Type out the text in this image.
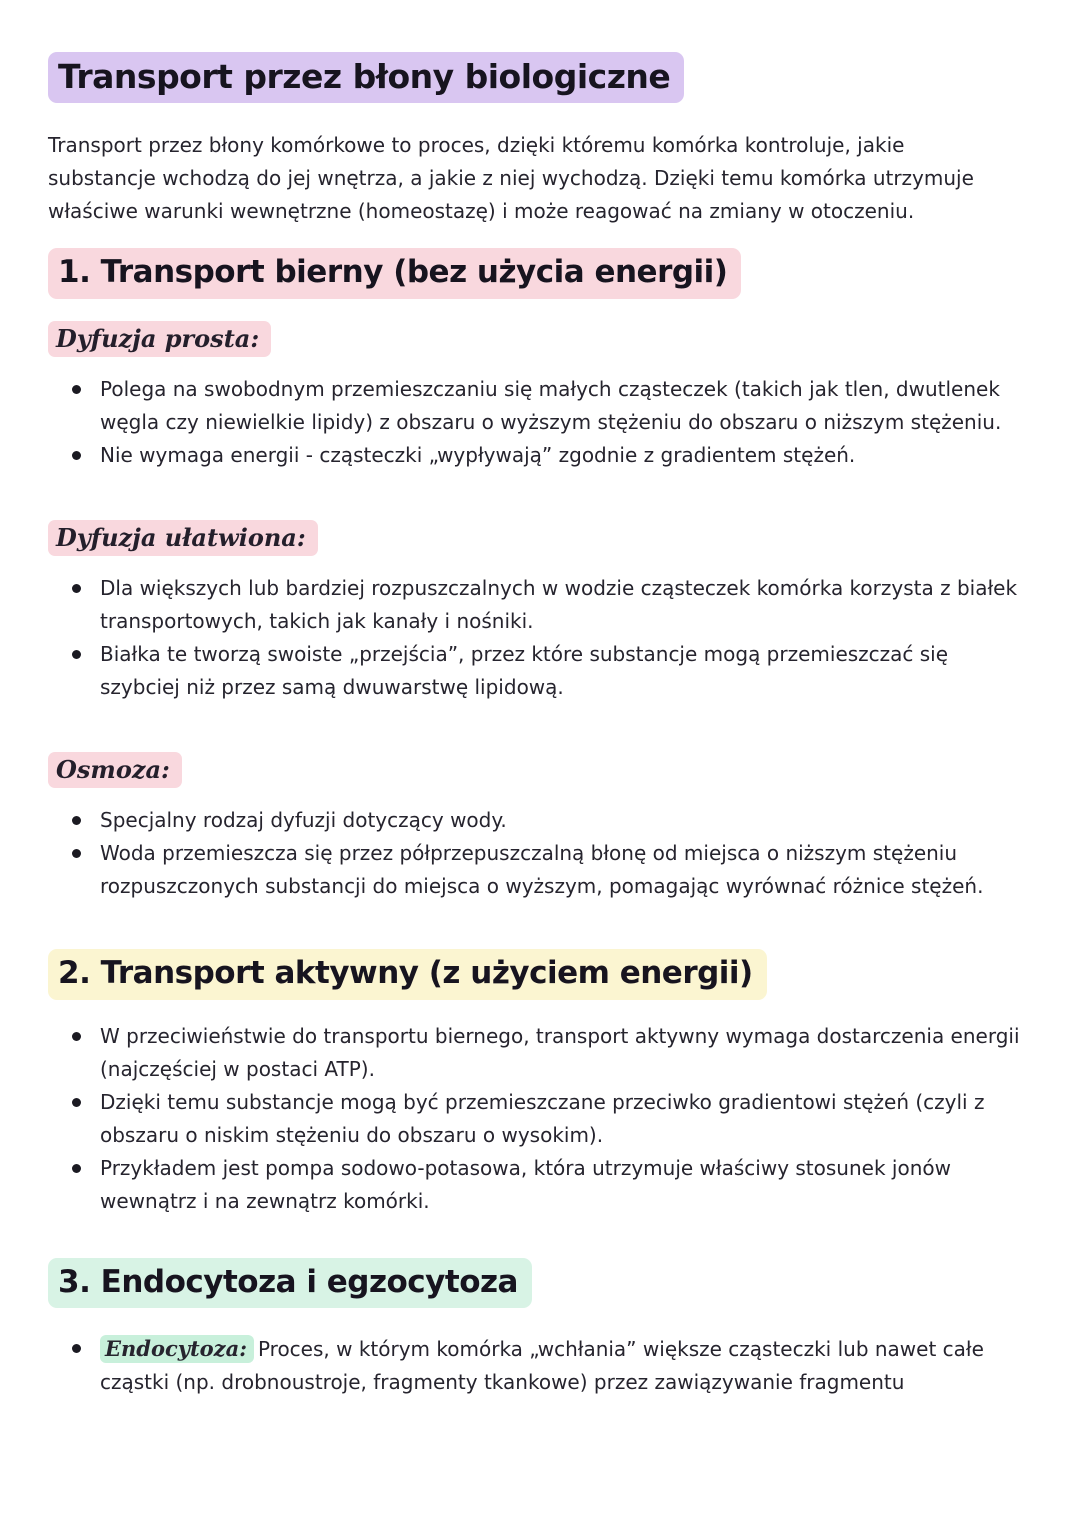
Transport przez błony biologiczne

Transport przez błony komórkowe to proces, dzięki któremu komórka kontroluje, jakie substancje wchodzą do jej wnętrza, a jakie z niej wychodzą. Dzięki temu komórka utrzymuje właściwe warunki wewnętrzne (homeostazę) i może reagować na zmiany w otoczeniu.

1. Transport bierny (bez użycia energii)
Dyfuzja prosta:
Polega na swobodnym przemieszczaniu się małych cząsteczek (takich jak tlen, dwutlenek węgla czy niewielkie lipidy) z obszaru o wyższym stężeniu do obszaru o niższym stężeniu.
Nie wymaga energii - cząsteczki „wypływają” zgodnie z gradientem stężeń.
Dyfuzja ułatwiona:
Dla większych lub bardziej rozpuszczalnych w wodzie cząsteczek komórka korzysta z białek transportowych, takich jak kanały i nośniki.
Białka te tworzą swoiste „przejścia”, przez które substancje mogą przemieszczać się szybciej niż przez samą dwuwarstwę lipidową.
Osmoza:
Specjalny rodzaj dyfuzji dotyczący wody.
Woda przemieszcza się przez półprzepuszczalną błonę od miejsca o niższym stężeniu rozpuszczonych substancji do miejsca o wyższym, pomagając wyrównać różnice stężeń.
2. Transport aktywny (z użyciem energii)
W przeciwieństwie do transportu biernego, transport aktywny wymaga dostarczenia energii (najczęściej w postaci ATP).
Dzięki temu substancje mogą być przemieszczane przeciwko gradientowi stężeń (czyli z obszaru o niskim stężeniu do obszaru o wysokim).
Przykładem jest pompa sodowo-potasowa, która utrzymuje właściwy stosunek jonów wewnątrz i na zewnątrz komórki.
3. Endocytoza i egzocytoza
Endocytoza: Proces, w którym komórka „wchłania” większe cząsteczki lub nawet całe cząstki (np. drobnoustroje, fragmenty tkankowe) przez zawiązywanie fragmentu
